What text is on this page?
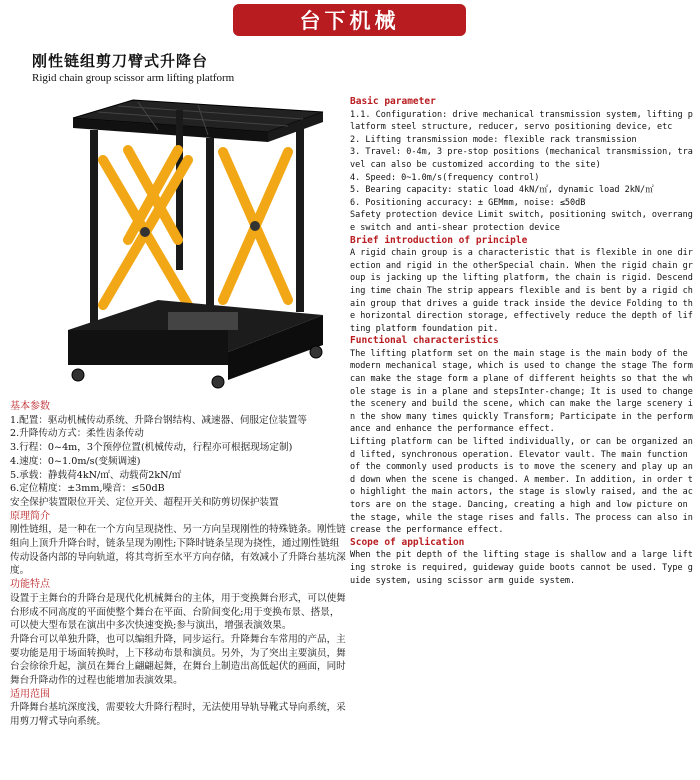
台下机械
刚性链组剪刀臂式升降台
Rigid chain group scissor arm lifting platform

基本参数

1.配置：驱动机械传动系统、升降台钢结构、减速器、伺服定位装置等

2.升降传动方式：柔性齿条传动

3.行程：0~4m，3个预停位置(机械传动，行程亦可根据现场定制)

4.速度：0~1.0m/s(变频调速)

5.承载：静载荷4kN/㎡、动载荷2kN/㎡

6.定位精度：±3mm,噪音：≤50dB

安全保护装置限位开关、定位开关、超程开关和防剪切保护装置

原理简介

刚性链组，是一种在一个方向呈现挠性、另一方向呈现刚性的特殊链条。刚性链组向上顶升升降台时，链条呈现为刚性;下降时链条呈现为挠性，通过刚性链组传动设备内部的导向轨道，将其弯折至水平方向存储，有效减小了升降台基坑深度。

功能特点

设置于主舞台的升降台是现代化机械舞台的主体，用于变换舞台形式，可以使舞台形成不同高度的平面使整个舞台在平面、台阶间变化;用于变换布景、搭景，可以使大型布景在演出中多次快速变换;参与演出，增强表演效果。

升降台可以单独升降，也可以编组升降，同步运行。升降舞台车常用的产品，主要功能是用于场面转换时，上下移动布景和演员。另外，为了突出主要演员，舞台会徐徐升起，演员在舞台上翩翩起舞，在舞台上制造出高低起伏的画面，同时舞台升降动作的过程也能增加表演效果。

适用范围

升降舞台基坑深度浅，需要较大升降行程时，无法使用导轨导靴式导向系统，采用剪刀臂式导向系统。

Basic parameter

1.1. Configuration: drive mechanical transmission system, lifting platform steel structure, reducer, servo positioning device, etc

2. Lifting transmission mode: flexible rack transmission

3. Travel: 0-4m, 3 pre-stop positions (mechanical transmission, travel can also be customized according to the site)

4. Speed: 0~1.0m/s(frequency control)

5. Bearing capacity: static load 4kN/㎡, dynamic load 2kN/㎡

6. Positioning accuracy: ± GEMmm, noise: ≤50dB

Safety protection device Limit switch, positioning switch, overrange switch and anti-shear protection device

Brief introduction of principle

A rigid chain group is a characteristic that is flexible in one direction and rigid in the otherSpecial chain. When the rigid chain group is jacking up the lifting platform, the chain is rigid. Descending time chain The strip appears flexible and is bent by a rigid chain group that drives a guide track inside the device Folding to the horizontal direction storage, effectively reduce the depth of lifting platform foundation pit.

Functional characteristics

The lifting platform set on the main stage is the main body of the modern mechanical stage, which is used to change the stage The form can make the stage form a plane of different heights so that the whole stage is in a plane and stepsInter-change; It is used to change the scenery and build the scene, which can make the large scenery in the show many times quickly Transform; Participate in the performance and enhance the performance effect.

Lifting platform can be lifted individually, or can be organized and lifted, synchronous operation. Elevator vault. The main function of the commonly used products is to move the scenery and play up and down when the scene is changed. A member. In addition, in order to highlight the main actors, the stage is slowly raised, and the actors are on the stage. Dancing, creating a high and low picture on the stage, while the stage rises and falls. The process can also increase the performance effect.

Scope of application

When the pit depth of the lifting stage is shallow and a large lifting stroke is required, guideway guide boots cannot be used. Type guide system, using scissor arm guide system.
